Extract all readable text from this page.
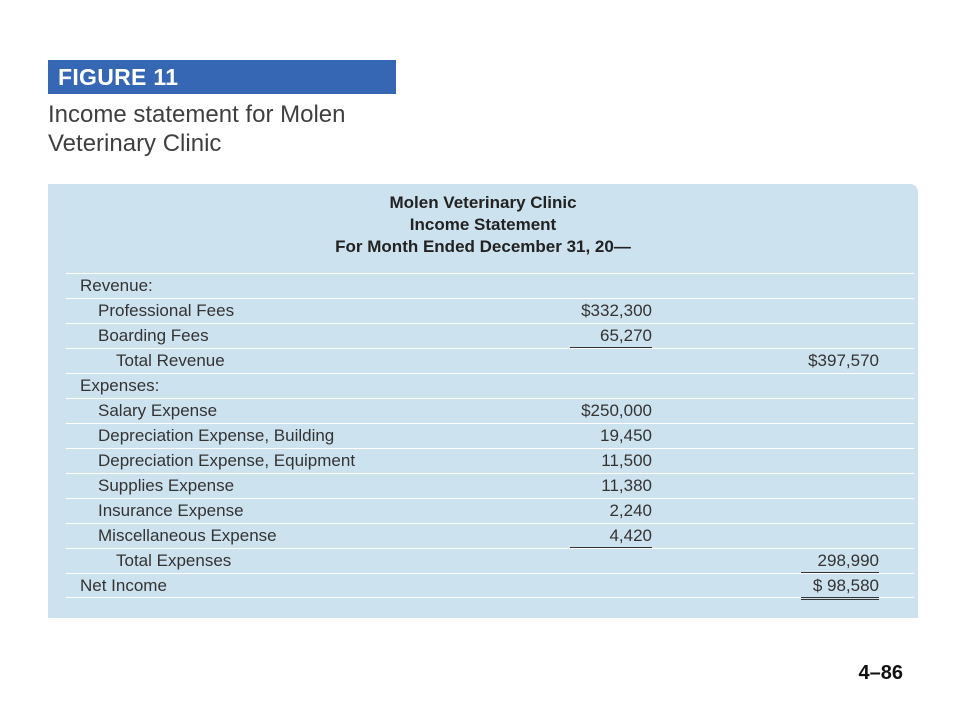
FIGURE 11
Income statement for Molen Veterinary Clinic
Molen Veterinary Clinic
Income Statement
For Month Ended December 31, 20—
Revenue:
Professional Fees	$332,300
Boarding Fees	65,270
Total Revenue	$397,570
Expenses:
Salary Expense	$250,000
Depreciation Expense, Building	19,450
Depreciation Expense, Equipment	11,500
Supplies Expense	11,380
Insurance Expense	2,240
Miscellaneous Expense	4,420
Total Expenses	298,990
Net Income	$ 98,580
4–86
